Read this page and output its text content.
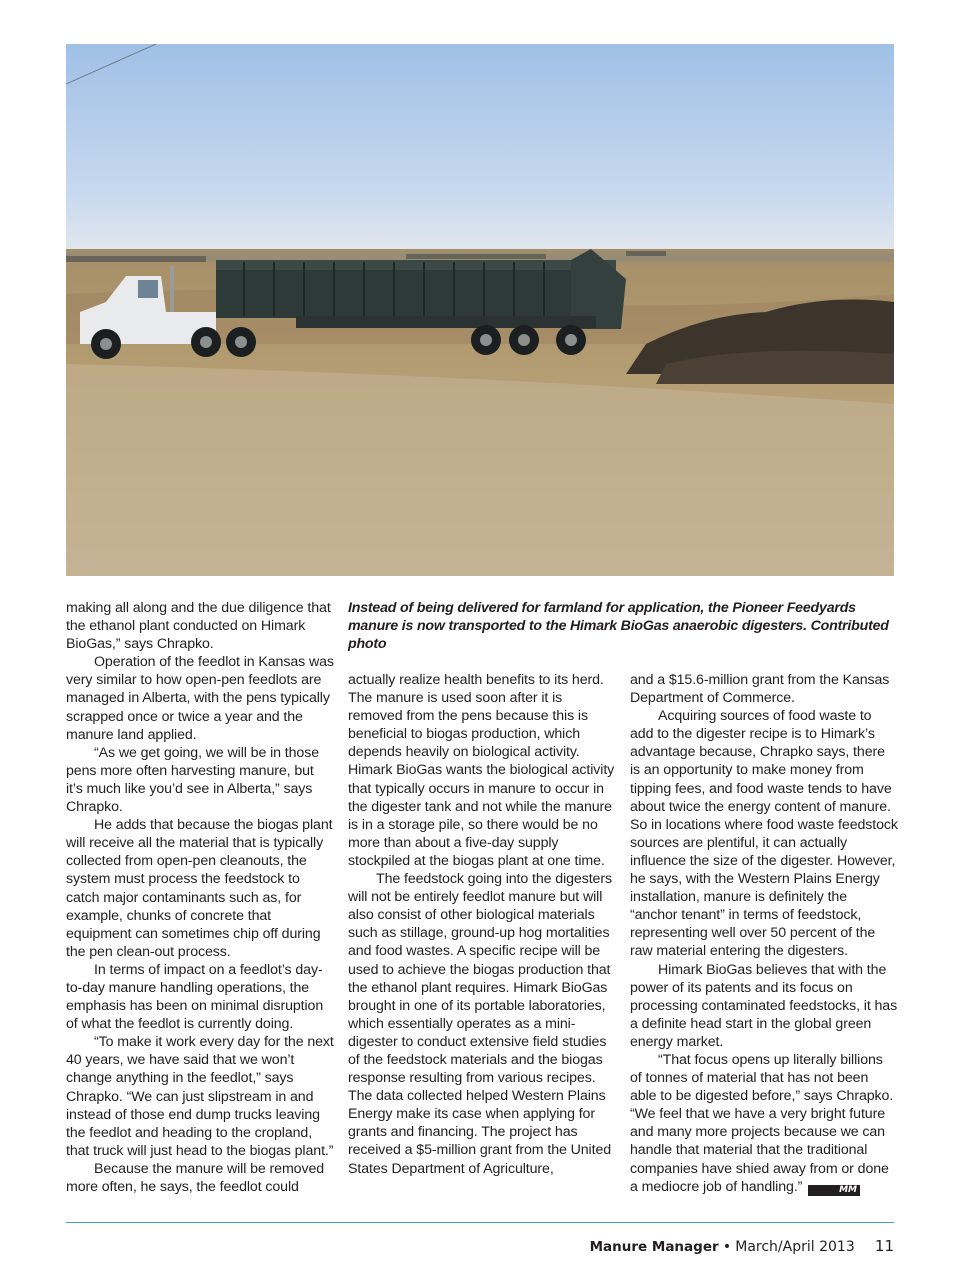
making all along and the due diligence that the ethanol plant conducted on Himark BioGas,” says Chrapko.

Operation of the feedlot in Kansas was very similar to how open-pen feedlots are managed in Alberta, with the pens typically scrapped once or twice a year and the manure land applied.

“As we get going, we will be in those pens more often harvesting manure, but it’s much like you’d see in Alberta,” says Chrapko.

He adds that because the biogas plant will receive all the material that is typically collected from open-pen cleanouts, the system must process the feedstock to catch major contaminants such as, for example, chunks of concrete that equipment can sometimes chip off during the pen clean-out process.

In terms of impact on a feedlot’s day-to-day manure handling operations, the emphasis has been on minimal disruption of what the feedlot is currently doing.

“To make it work every day for the next 40 years, we have said that we won’t change anything in the feedlot,” says Chrapko. “We can just slipstream in and instead of those end dump trucks leaving the feedlot and heading to the cropland, that truck will just head to the biogas plant.”

Because the manure will be removed more often, he says, the feedlot could

Instead of being delivered for farmland for application, the Pioneer Feedyards manure is now transported to the Himark BioGas anaerobic digesters. Contributed photo

actually realize health benefits to its herd. The manure is used soon after it is removed from the pens because this is beneficial to biogas production, which depends heavily on biological activity. Himark BioGas wants the biological activity that typically occurs in manure to occur in the digester tank and not while the manure is in a storage pile, so there would be no more than about a five-day supply stockpiled at the biogas plant at one time.

The feedstock going into the digesters will not be entirely feedlot manure but will also consist of other biological materials such as stillage, ground-up hog mortalities and food wastes. A specific recipe will be used to achieve the biogas production that the ethanol plant requires. Himark BioGas brought in one of its portable laboratories, which essentially operates as a mini-digester to conduct extensive field studies of the feedstock materials and the biogas response resulting from various recipes. The data collected helped Western Plains Energy make its case when applying for grants and financing. The project has received a $5-million grant from the United States Department of Agriculture,

and a $15.6-million grant from the Kansas Department of Commerce.

Acquiring sources of food waste to add to the digester recipe is to Himark’s advantage because, Chrapko says, there is an opportunity to make money from tipping fees, and food waste tends to have about twice the energy content of manure. So in locations where food waste feedstock sources are plentiful, it can actually influence the size of the digester. However, he says, with the Western Plains Energy installation, manure is definitely the “anchor tenant” in terms of feedstock, representing well over 50 percent of the raw material entering the digesters.

Himark BioGas believes that with the power of its patents and its focus on processing contaminated feedstocks, it has a definite head start in the global green energy market.

“That focus opens up literally billions of tonnes of material that has not been able to be digested before,” says Chrapko. “We feel that we have a very bright future and many more projects because we can handle that material that the traditional companies have shied away from or done a mediocre job of handling.”	MM

Manure Manager • March/April 2013 11
